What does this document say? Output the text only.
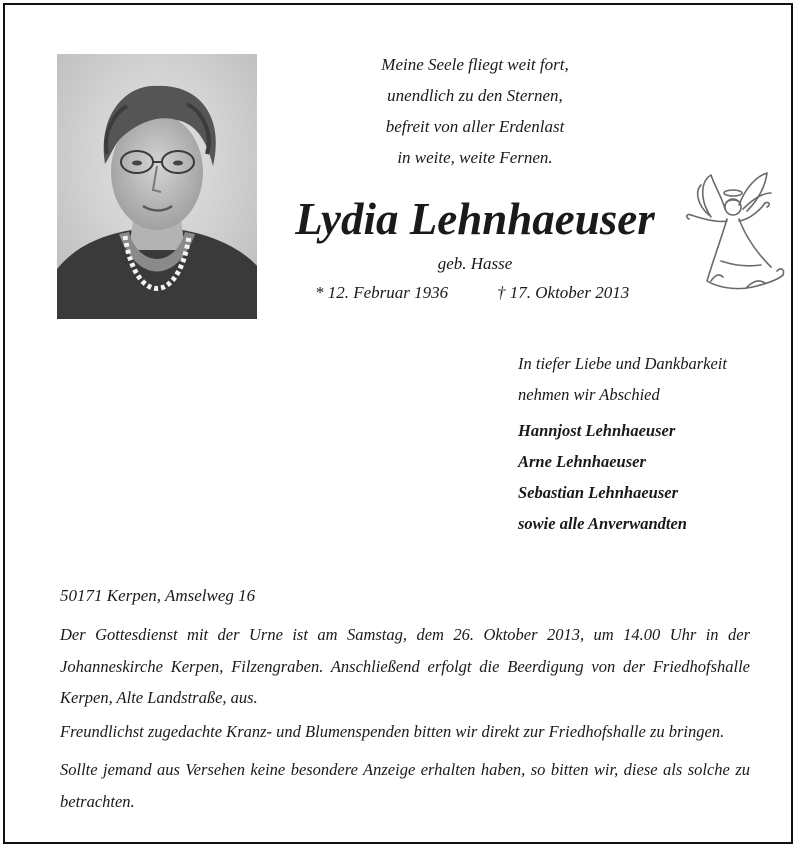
Meine Seele fliegt weit fort,
unendlich zu den Sternen,
befreit von aller Erdenlast
in weite, weite Fernen.
Lydia Lehnhaeuser
geb. Hasse
* 12. Februar 1936	† 17. Oktober 2013
In tiefer Liebe und Dankbarkeit
nehmen wir Abschied
Hannjost Lehnhaeuser
Arne Lehnhaeuser
Sebastian Lehnhaeuser
sowie alle Anverwandten
50171 Kerpen, Amselweg 16
Der Gottesdienst mit der Urne ist am Samstag, dem 26. Oktober 2013, um 14.00 Uhr in der Johanneskirche Kerpen, Filzengraben. Anschließend erfolgt die Beerdigung von der Friedhofshalle Kerpen, Alte Landstraße, aus.
Freundlichst zugedachte Kranz- und Blumenspenden bitten wir direkt zur Friedhofshalle zu bringen.
Sollte jemand aus Versehen keine besondere Anzeige erhalten haben, so bitten wir, diese als solche zu betrachten.
